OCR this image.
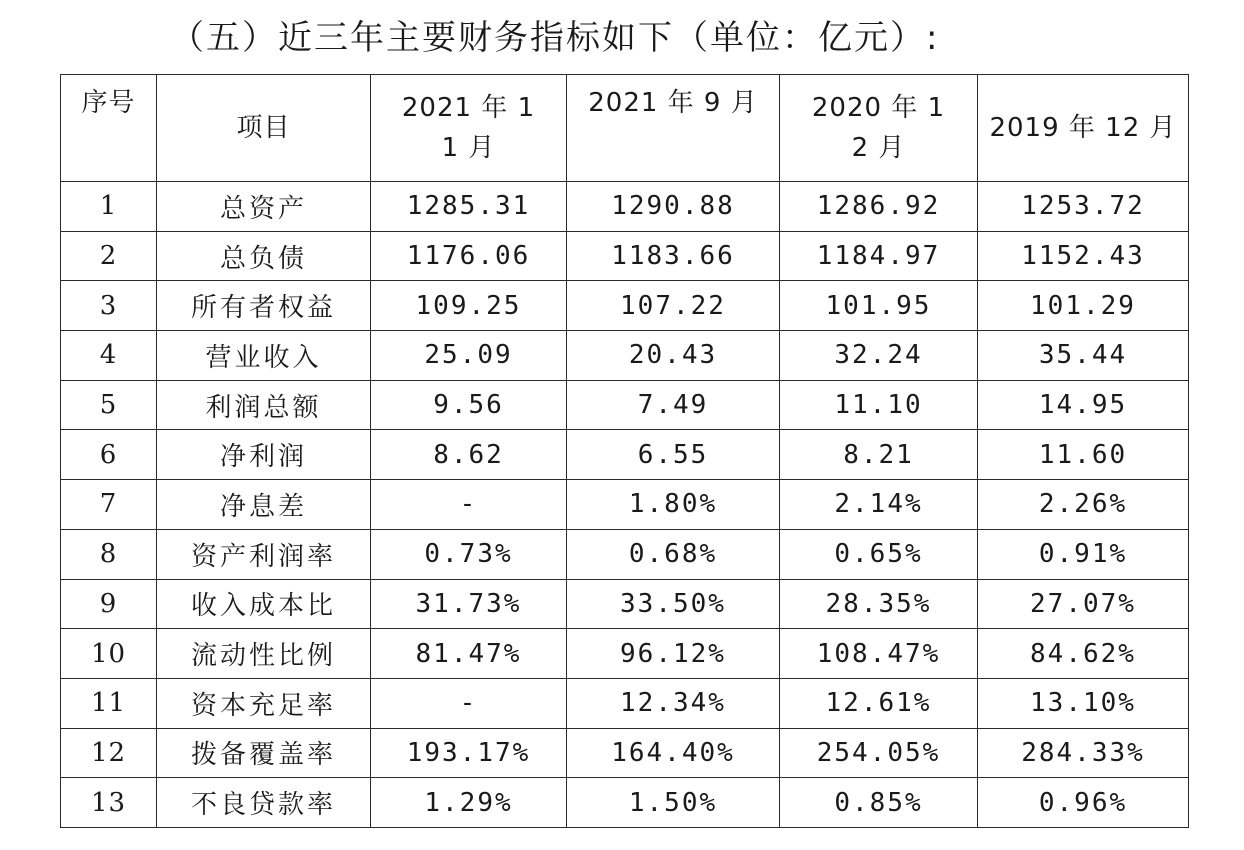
（五）近三年主要财务指标如下（单位：亿元）:
序号	项目	2021 年 11 月	2021 年 9 月	2020 年 12 月	2019 年 12 月
1	总资产	1285.31	1290.88	1286.92	1253.72
2	总负债	1176.06	1183.66	1184.97	1152.43
3	所有者权益	109.25	107.22	101.95	101.29
4	营业收入	25.09	20.43	32.24	35.44
5	利润总额	9.56	7.49	11.10	14.95
6	净利润	8.62	6.55	8.21	11.60
7	净息差	-	1.80%	2.14%	2.26%
8	资产利润率	0.73%	0.68%	0.65%	0.91%
9	收入成本比	31.73%	33.50%	28.35%	27.07%
10	流动性比例	81.47%	96.12%	108.47%	84.62%
11	资本充足率	-	12.34%	12.61%	13.10%
12	拨备覆盖率	193.17%	164.40%	254.05%	284.33%
13	不良贷款率	1.29%	1.50%	0.85%	0.96%
